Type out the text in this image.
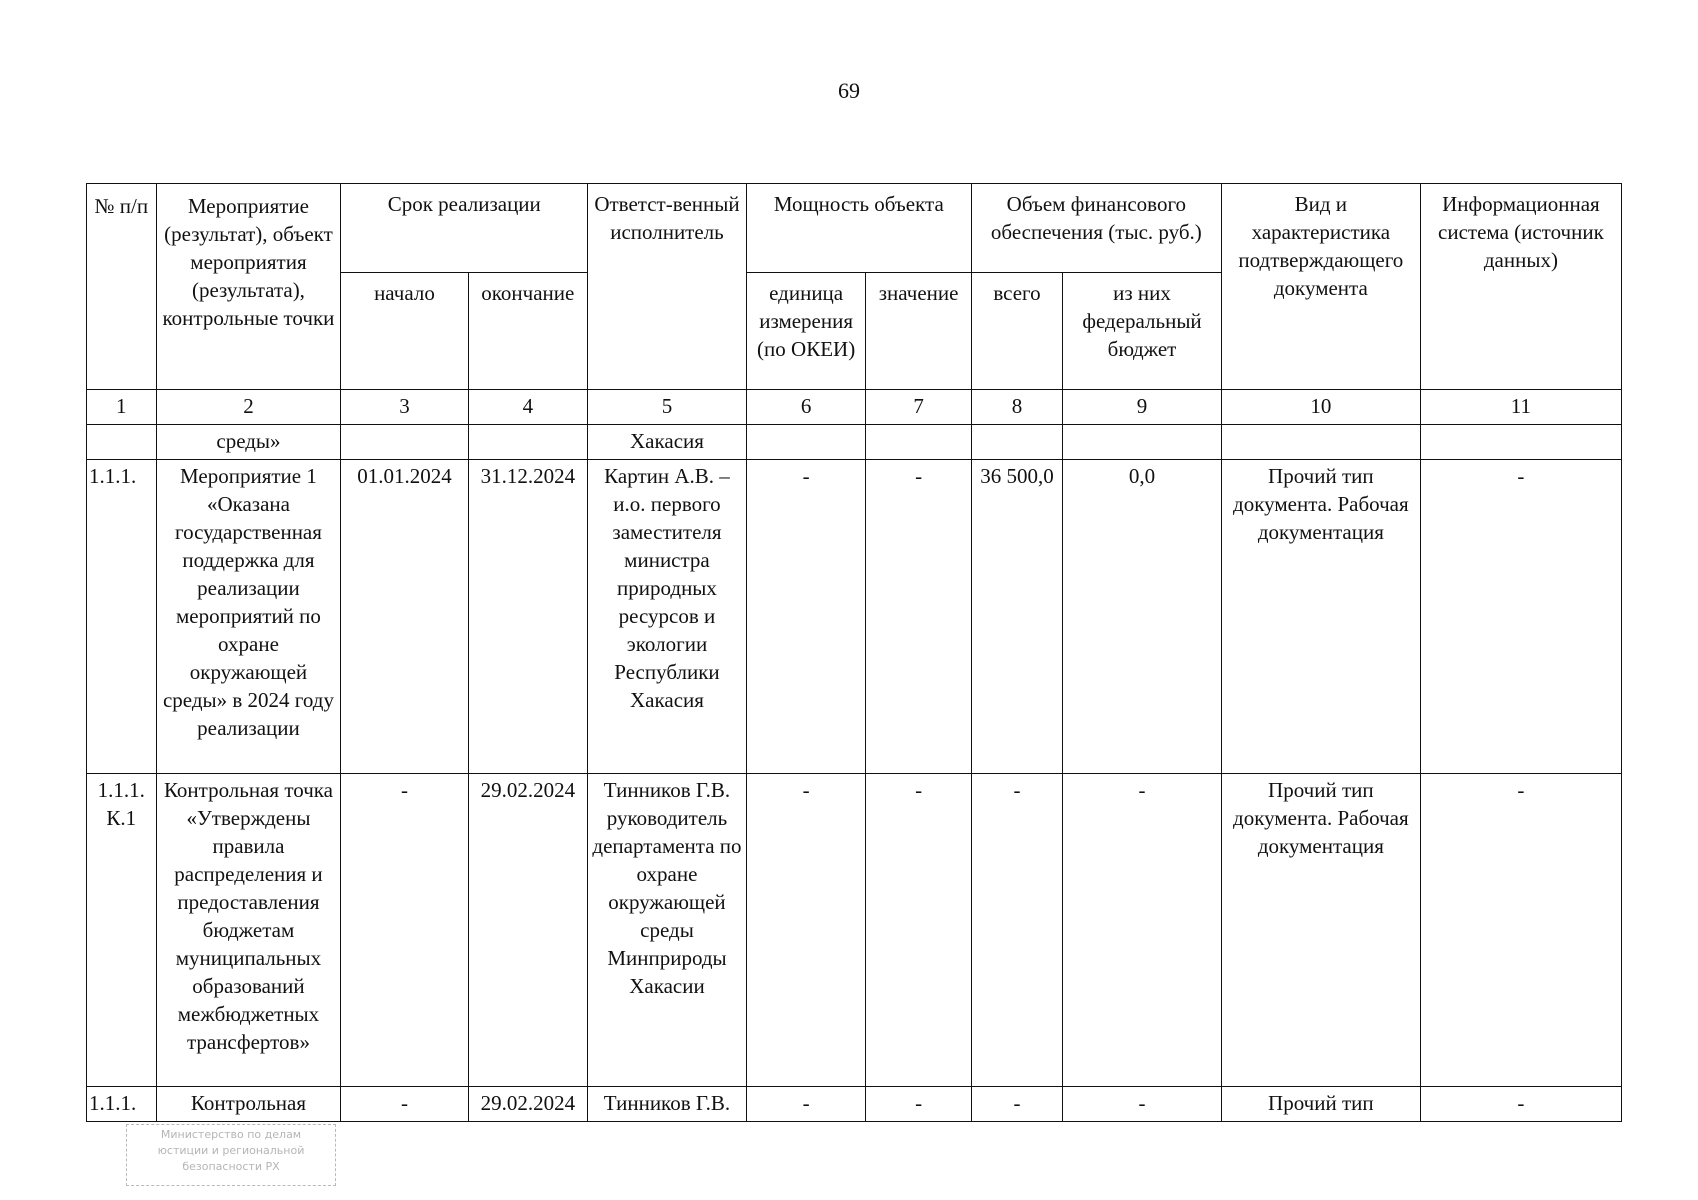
69
№ п/п	Мероприятие (результат), объект мероприятия (результата), контрольные точки	Срок реализации		Ответст-венный исполнитель	Мощность объекта		Объем финансового обеспечения (тыс. руб.)		Вид и характеристика подтверждающего документа	Информационная система (источник данных)
		начало	окончание		единица измерения (по ОКЕИ)	значение	всего	из них федеральный бюджет		
1	2	3	4	5	6	7	8	9	10	11
	среды»			Хакасия						
1.1.1.	Мероприятие 1 «Оказана государственная поддержка для реализации мероприятий по охране окружающей среды» в 2024 году реализации	01.01.2024	31.12.2024	Картин А.В. – и.о. первого заместителя министра природных ресурсов и экологии Республики Хакасия	-	-	36 500,0	0,0	Прочий тип документа. Рабочая документация	-
1.1.1. К.1	Контрольная точка «Утверждены правила распределения и предоставления бюджетам муниципальных образований межбюджетных трансфертов»	-	29.02.2024	Тинников Г.В. руководитель департамента по охране окружающей среды Минприроды Хакасии	-	-	-	-	Прочий тип документа. Рабочая документация	-
1.1.1.	Контрольная	-	29.02.2024	Тинников Г.В.	-	-	-	-	Прочий тип	-
Министерство по делам
юстиции и региональной
безопасности РХ
